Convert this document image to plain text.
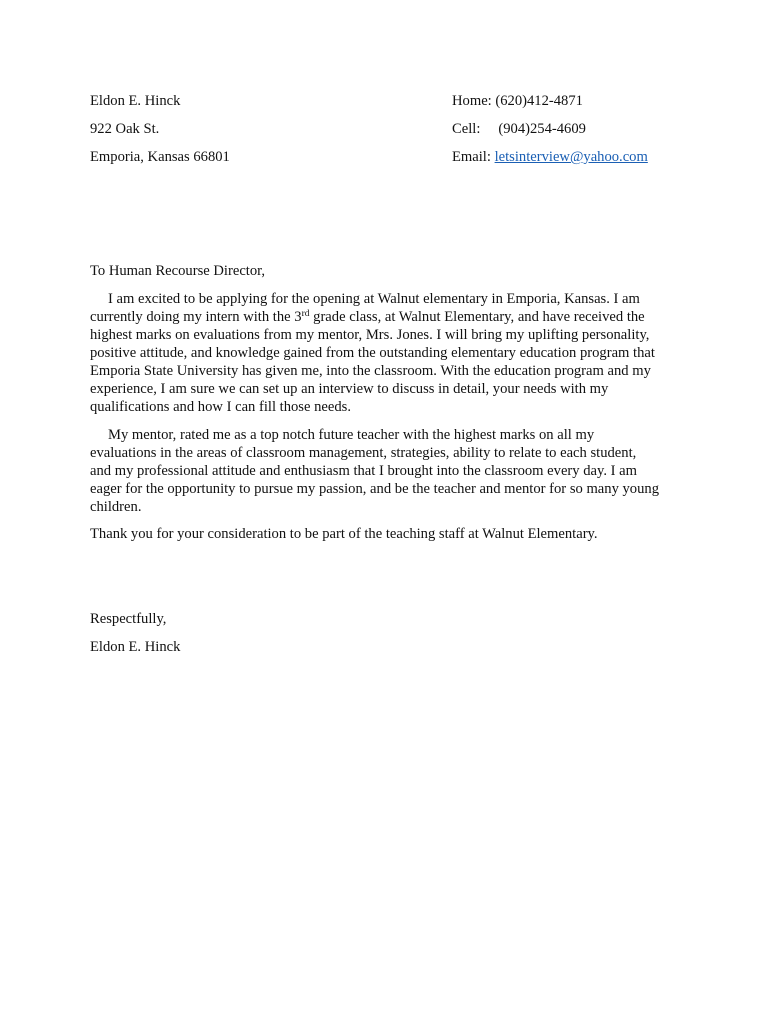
Eldon E. Hinck
922 Oak St.
Emporia, Kansas 66801
Home: (620)412-4871
Cell: (904)254-4609
Email: letsinterview@yahoo.com
To Human Recourse Director,
I am excited to be applying for the opening at Walnut elementary in Emporia, Kansas. I am
currently doing my intern with the 3rd grade class, at Walnut Elementary, and have received the
highest marks on evaluations from my mentor, Mrs. Jones. I will bring my uplifting personality,
positive attitude, and knowledge gained from the outstanding elementary education program that
Emporia State University has given me, into the classroom. With the education program and my
experience, I am sure we can set up an interview to discuss in detail, your needs with my
qualifications and how I can fill those needs.
My mentor, rated me as a top notch future teacher with the highest marks on all my
evaluations in the areas of classroom management, strategies, ability to relate to each student,
and my professional attitude and enthusiasm that I brought into the classroom every day. I am
eager for the opportunity to pursue my passion, and be the teacher and mentor for so many young
children.
Thank you for your consideration to be part of the teaching staff at Walnut Elementary.
Respectfully,
Eldon E. Hinck
